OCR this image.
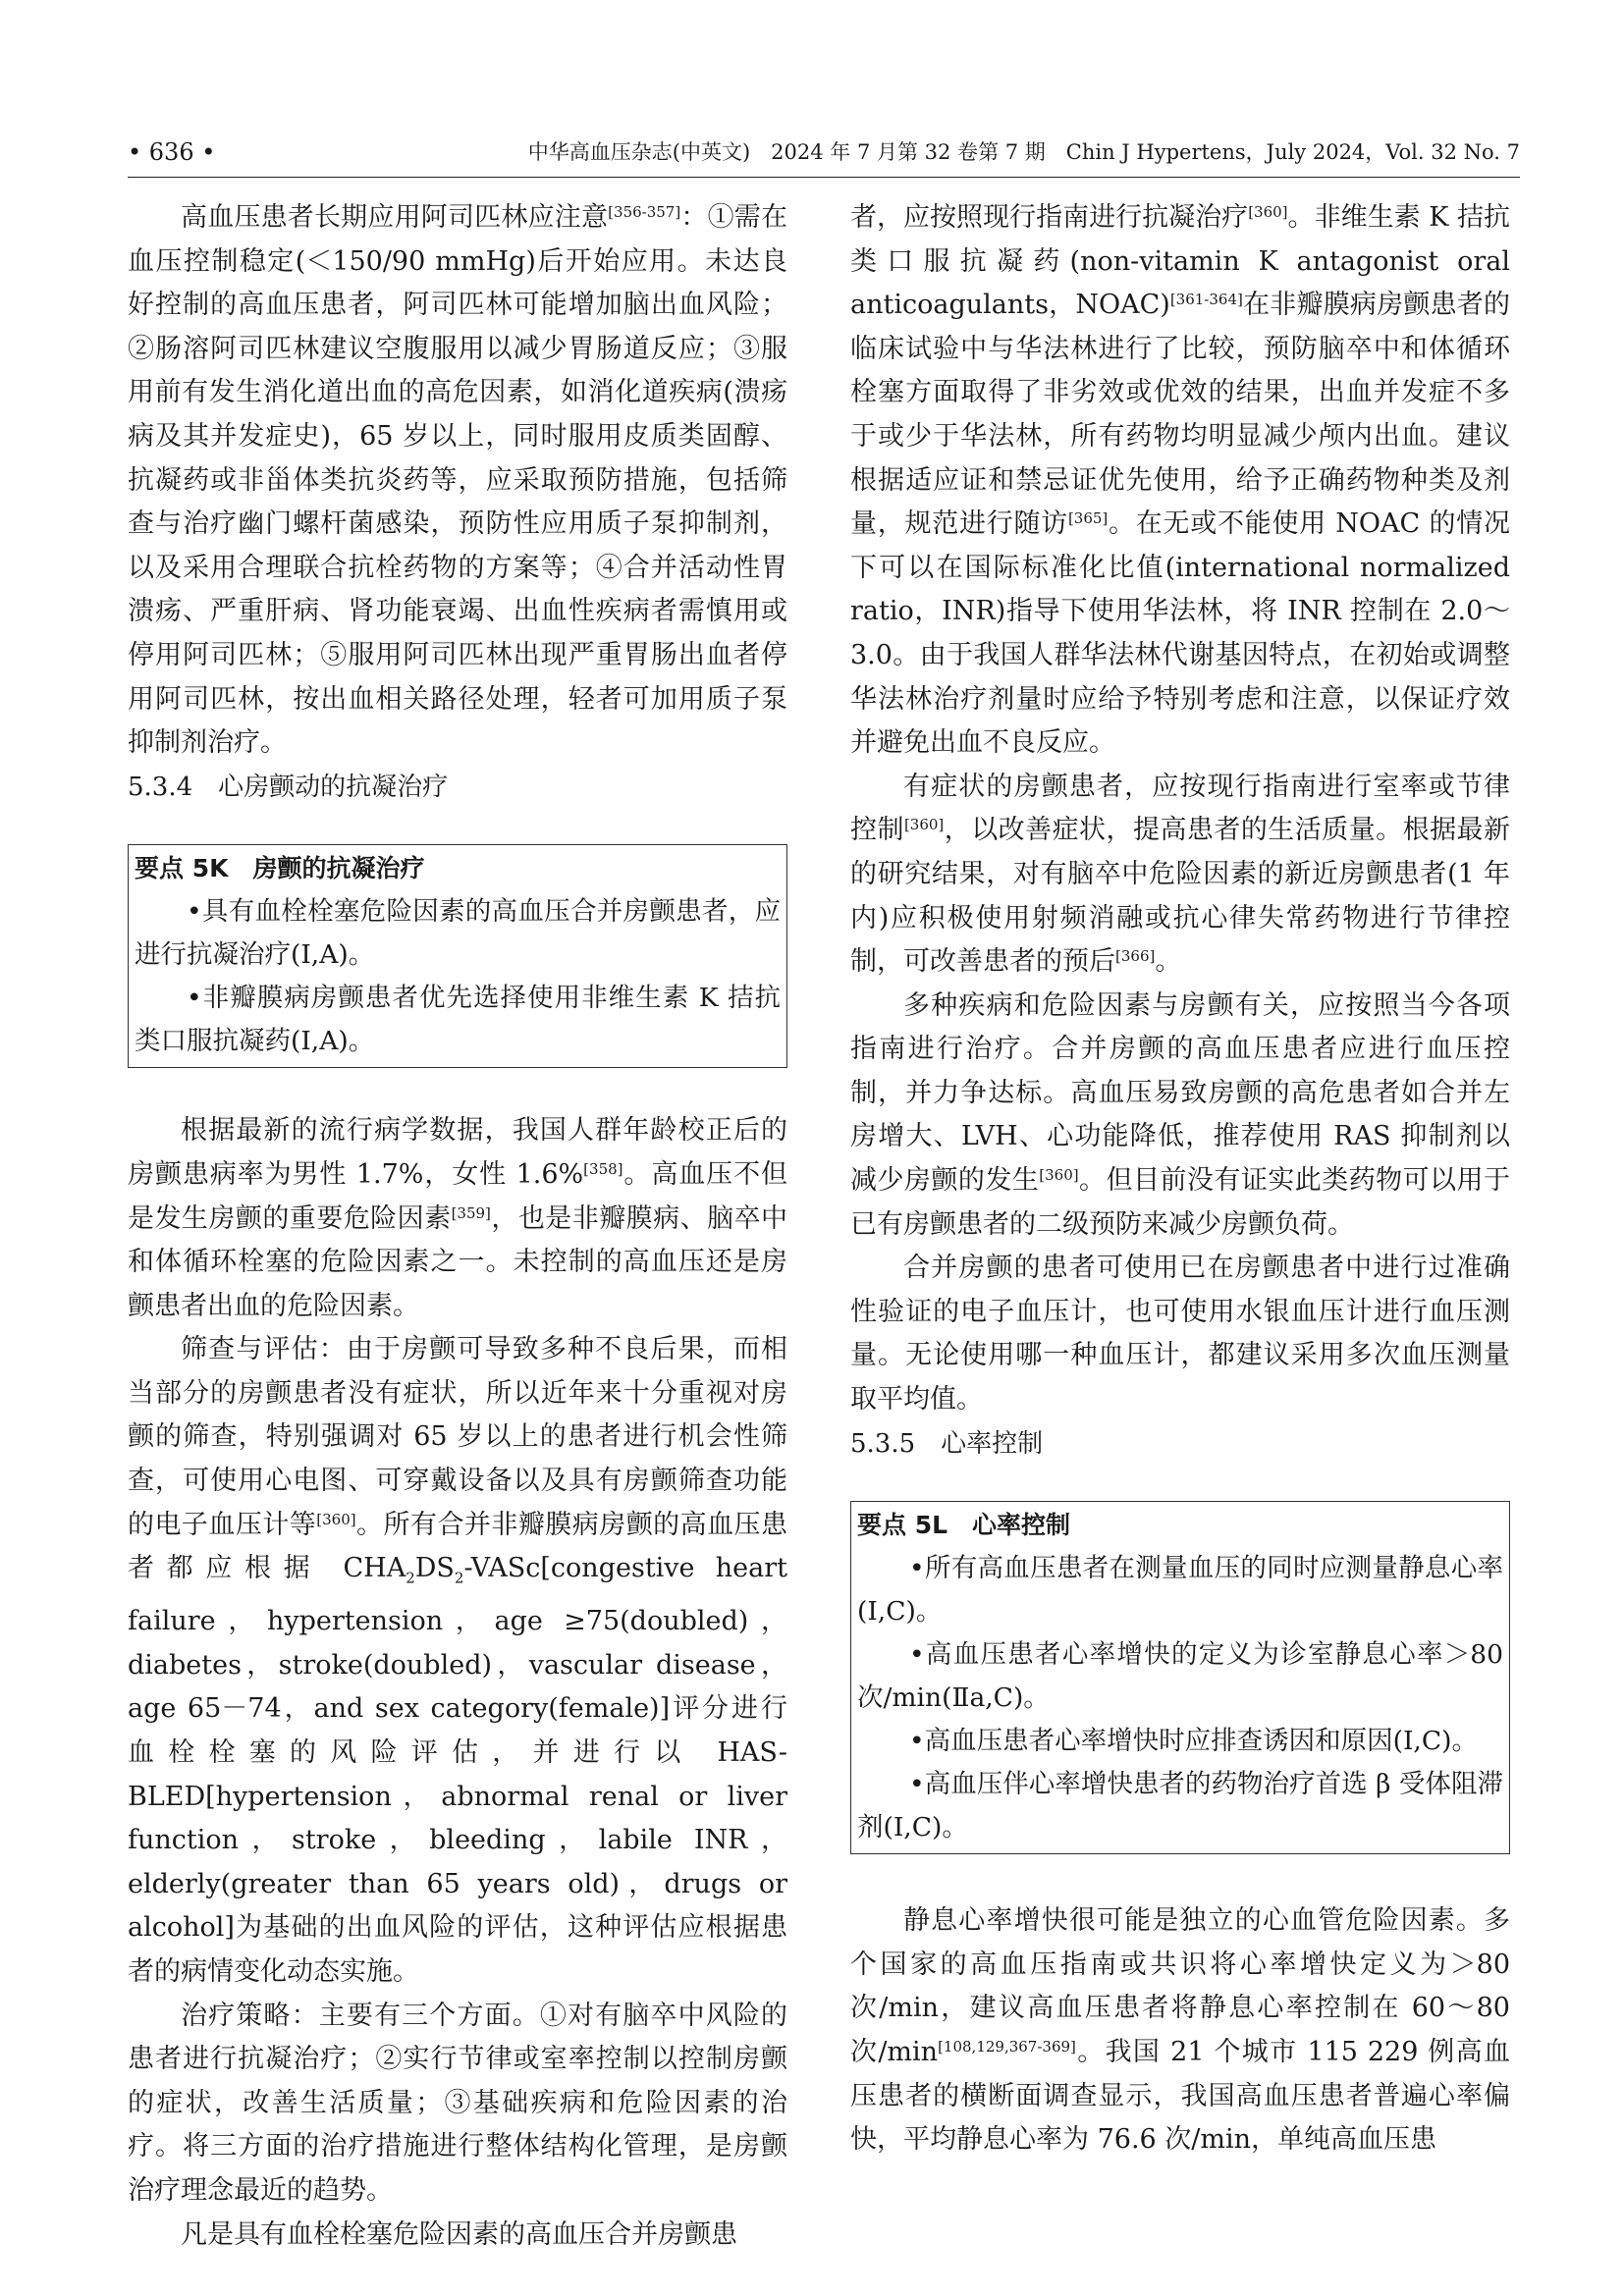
• 636 •	中华高血压杂志(中英文)　2024 年 7 月第 32 卷第 7 期　Chin J Hypertens，July 2024，Vol. 32 No. 7

高血压患者长期应用阿司匹林应注意[356-357]：①需在血压控制稳定(＜150/90 mmHg)后开始应用。未达良好控制的高血压患者，阿司匹林可能增加脑出血风险；②肠溶阿司匹林建议空腹服用以减少胃肠道反应；③服用前有发生消化道出血的高危因素，如消化道疾病(溃疡病及其并发症史)，65 岁以上，同时服用皮质类固醇、抗凝药或非甾体类抗炎药等，应采取预防措施，包括筛查与治疗幽门螺杆菌感染，预防性应用质子泵抑制剂，以及采用合理联合抗栓药物的方案等；④合并活动性胃溃疡、严重肝病、肾功能衰竭、出血性疾病者需慎用或停用阿司匹林；⑤服用阿司匹林出现严重胃肠出血者停用阿司匹林，按出血相关路径处理，轻者可加用质子泵抑制剂治疗。

5.3.4　心房颤动的抗凝治疗
要点 5K　房颤的抗凝治疗

•具有血栓栓塞危险因素的高血压合并房颤患者，应进行抗凝治疗(Ⅰ,A)。

•非瓣膜病房颤患者优先选择使用非维生素 K 拮抗类口服抗凝药(Ⅰ,A)。

根据最新的流行病学数据，我国人群年龄校正后的房颤患病率为男性 1.7%，女性 1.6%[358]。高血压不但是发生房颤的重要危险因素[359]，也是非瓣膜病、脑卒中和体循环栓塞的危险因素之一。未控制的高血压还是房颤患者出血的危险因素。

筛查与评估：由于房颤可导致多种不良后果，而相当部分的房颤患者没有症状，所以近年来十分重视对房颤的筛查，特别强调对 65 岁以上的患者进行机会性筛查，可使用心电图、可穿戴设备以及具有房颤筛查功能的电子血压计等[360]。所有合并非瓣膜病房颤的高血压患者都应根据 $CHA_2DS_2-VASc[congestive$ heart failure，hypertension，age ≥75(doubled)，diabetes，stroke(doubled)，vascular disease，age 65－74，and sex category(female)]评分进行血栓栓塞的风险评估，并进行以 HAS-BLED[hypertension，abnormal renal or liver function，stroke，bleeding，labile INR，elderly(greater than 65 years old)，drugs or alcohol]为基础的出血风险的评估，这种评估应根据患者的病情变化动态实施。

治疗策略：主要有三个方面。①对有脑卒中风险的患者进行抗凝治疗；②实行节律或室率控制以控制房颤的症状，改善生活质量；③基础疾病和危险因素的治疗。将三方面的治疗措施进行整体结构化管理，是房颤治疗理念最近的趋势。

凡是具有血栓栓塞危险因素的高血压合并房颤患

者，应按照现行指南进行抗凝治疗[360]。非维生素 K 拮抗类口服抗凝药(non-vitamin K antagonist oral anticoagulants，NOAC)[361-364]在非瓣膜病房颤患者的临床试验中与华法林进行了比较，预防脑卒中和体循环栓塞方面取得了非劣效或优效的结果，出血并发症不多于或少于华法林，所有药物均明显减少颅内出血。建议根据适应证和禁忌证优先使用，给予正确药物种类及剂量，规范进行随访[365]。在无或不能使用 NOAC 的情况下可以在国际标准化比值(international normalized ratio，INR)指导下使用华法林，将 INR 控制在 2.0～3.0。由于我国人群华法林代谢基因特点，在初始或调整华法林治疗剂量时应给予特别考虑和注意，以保证疗效并避免出血不良反应。

有症状的房颤患者，应按现行指南进行室率或节律控制[360]，以改善症状，提高患者的生活质量。根据最新的研究结果，对有脑卒中危险因素的新近房颤患者(1 年内)应积极使用射频消融或抗心律失常药物进行节律控制，可改善患者的预后[366]。

多种疾病和危险因素与房颤有关，应按照当今各项指南进行治疗。合并房颤的高血压患者应进行血压控制，并力争达标。高血压易致房颤的高危患者如合并左房增大、LVH、心功能降低，推荐使用 RAS 抑制剂以减少房颤的发生[360]。但目前没有证实此类药物可以用于已有房颤患者的二级预防来减少房颤负荷。

合并房颤的患者可使用已在房颤患者中进行过准确性验证的电子血压计，也可使用水银血压计进行血压测量。无论使用哪一种血压计，都建议采用多次血压测量取平均值。

5.3.5　心率控制
要点 5L　心率控制

•所有高血压患者在测量血压的同时应测量静息心率(Ⅰ,C)。

•高血压患者心率增快的定义为诊室静息心率＞80 次/min(Ⅱa,C)。

•高血压患者心率增快时应排查诱因和原因(Ⅰ,C)。

•高血压伴心率增快患者的药物治疗首选 β 受体阻滞剂(Ⅰ,C)。

静息心率增快很可能是独立的心血管危险因素。多个国家的高血压指南或共识将心率增快定义为＞80 次/min，建议高血压患者将静息心率控制在 60～80 次/min[108,129,367-369]。我国 21 个城市 115 229 例高血压患者的横断面调查显示，我国高血压患者普遍心率偏快，平均静息心率为 76.6 次/min，单纯高血压患
